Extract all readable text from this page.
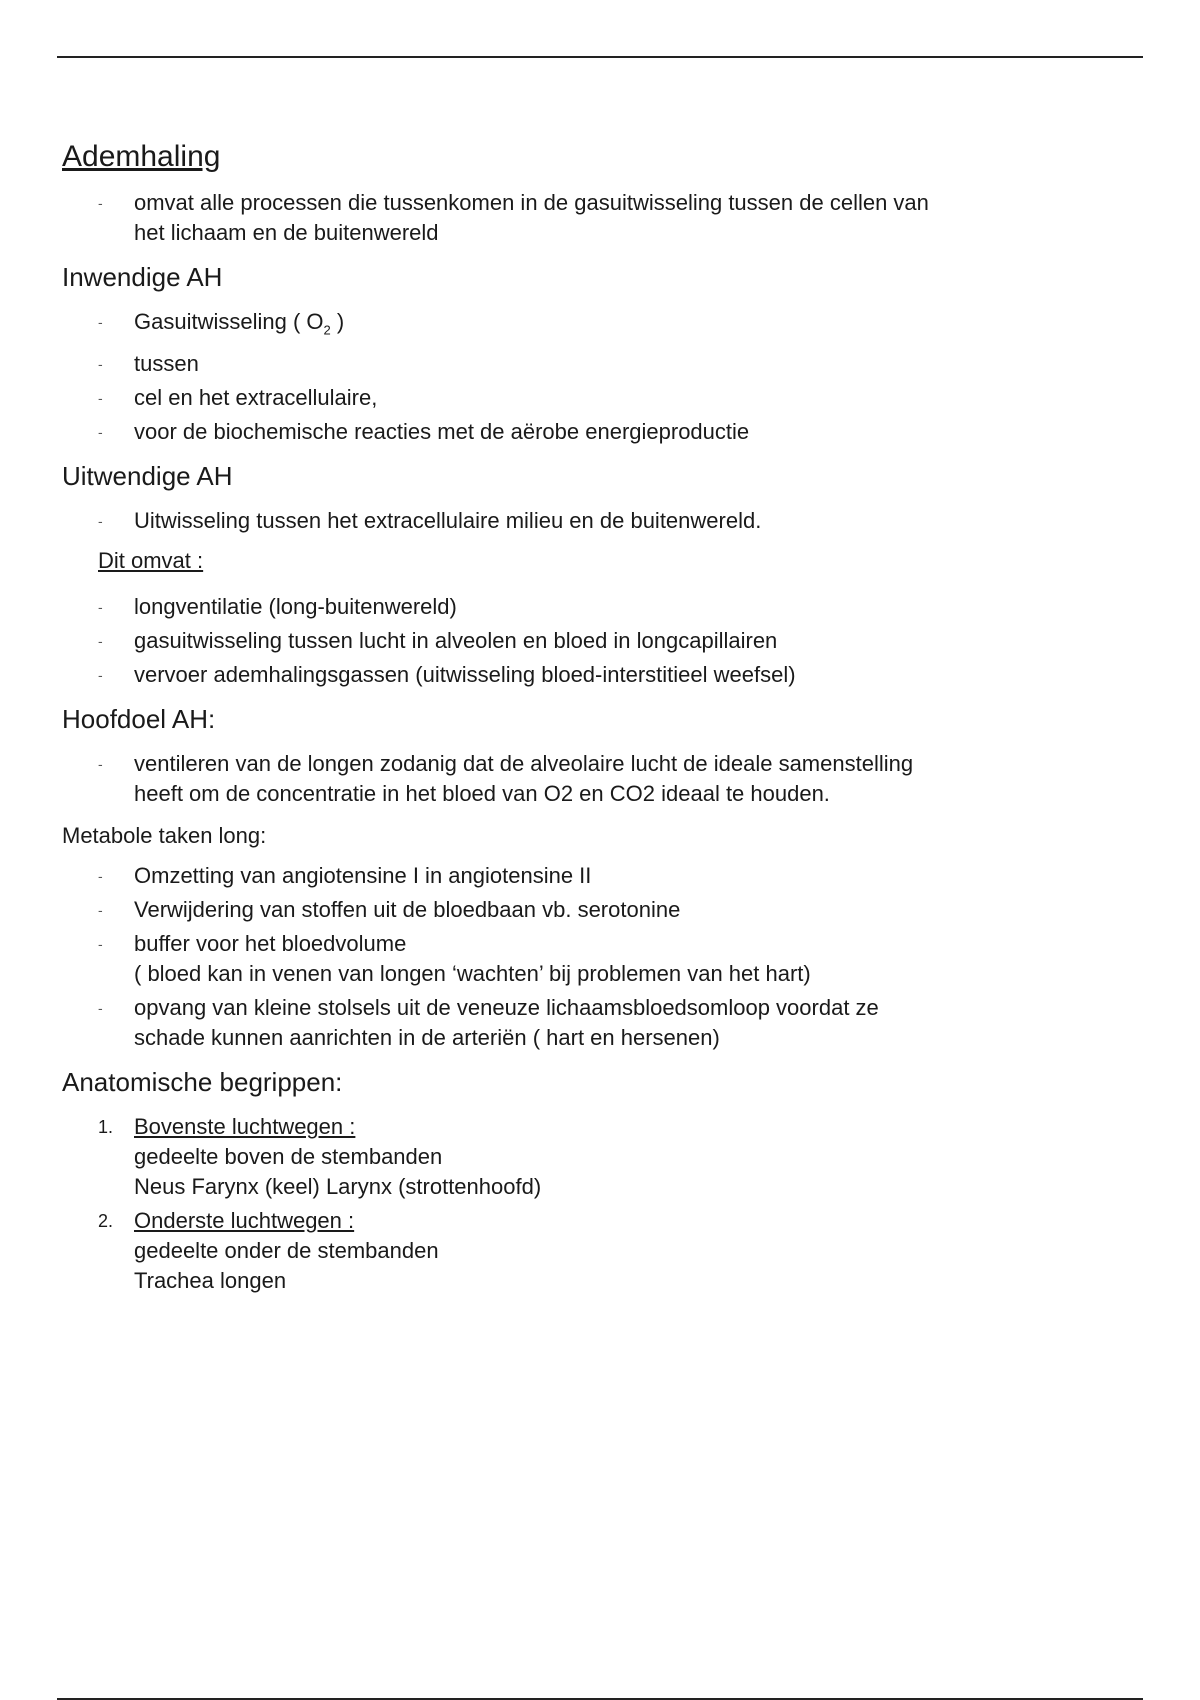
Ademhaling
-	omvat alle processen die tussenkomen in de gasuitwisseling tussen de cellen van
het lichaam en de buitenwereld
Inwendige AH
-	Gasuitwisseling ( $O_2$ )
-	tussen
-	cel en het extracellulaire,
-	voor de biochemische reacties met de aërobe energieproductie
Uitwendige AH
-	Uitwisseling tussen het extracellulaire milieu en de buitenwereld.
Dit omvat :
-	longventilatie (long-buitenwereld)
-	gasuitwisseling tussen lucht in alveolen en bloed in longcapillairen
-	vervoer ademhalingsgassen (uitwisseling bloed-interstitieel weefsel)
Hoofdoel AH:
-	ventileren van de longen zodanig dat de alveolaire lucht de ideale samenstelling
heeft om de concentratie in het bloed van O2 en CO2 ideaal te houden.
Metabole taken long:
-	Omzetting van angiotensine I in angiotensine II
-	Verwijdering van stoffen uit de bloedbaan vb. serotonine
-	buffer voor het bloedvolume
( bloed kan in venen van longen ‘wachten’ bij problemen van het hart)
-	opvang van kleine stolsels uit de veneuze lichaamsbloedsomloop voordat ze
schade kunnen aanrichten in de arteriën ( hart en hersenen)
Anatomische begrippen:
1. Bovenste luchtwegen :
gedeelte boven de stembanden
Neus Farynx (keel) Larynx (strottenhoofd)
2. Onderste luchtwegen :
gedeelte onder de stembanden
Trachea longen
